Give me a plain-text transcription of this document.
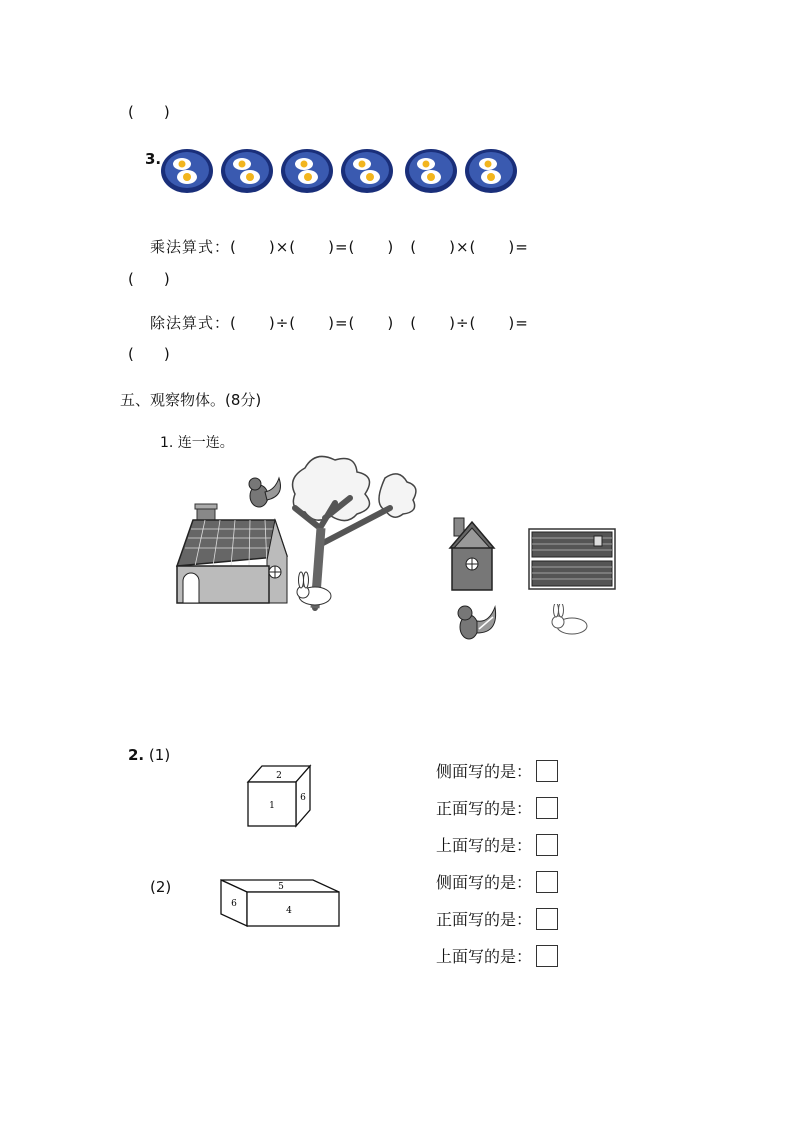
(　　)
3.
乘法算式：(　　)×(　　)=(　　)　(　　)×(　　)=
(　　)
除法算式：(　　)÷(　　)=(　　)　(　　)÷(　　)=
(　　)
五、观察物体。(8分)
1. 连一连。
2. (1)
(2)
2
1
6
5
6
4
侧面写的是：
正面写的是：
上面写的是：
侧面写的是：
正面写的是：
上面写的是：
